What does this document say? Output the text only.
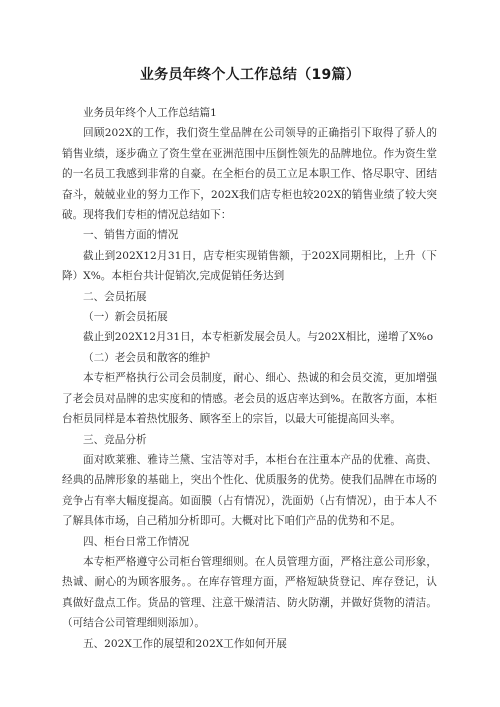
业务员年终个人工作总结（19篇）

业务员年终个人工作总结篇1

回顾202X的工作，我们资生堂品牌在公司领导的正确指引下取得了骄人的销售业绩，逐步确立了资生堂在亚洲范围中压倒性领先的品牌地位。作为资生堂的一名员工我感到非常的自豪。在全柜台的员工立足本职工作、恪尽职守、团结奋斗，兢兢业业的努力工作下，202X我们店专柜也较202X的销售业绩了较大突破。现将我们专柜的情况总结如下：

一、销售方面的情况

截止到202X12月31日，店专柜实现销售额，于202X同期相比，上升（下降）X%。本柜台共计促销次,完成促销任务达到

二、会员拓展

（一）新会员拓展

截止到202X12月31日，本专柜新发展会员人。与202X相比，递增了X%o

（二）老会员和散客的维护

本专柜严格执行公司会员制度，耐心、细心、热诚的和会员交流，更加增强了老会员对品牌的忠实度和的情感。老会员的返店率达到%。在散客方面，本柜台柜员同样是本着热忱服务、顾客至上的宗旨，以最大可能提高回头率。

三、竞品分析

面对欧莱雅、雅诗兰黛、宝洁等对手，本柜台在注重本产品的优雅、高贵、经典的品牌形象的基础上，突出个性化、优质服务的优势。使我们品牌在市场的竞争占有率大幅度提高。如面膜（占有情况），洗面奶（占有情况），由于本人不了解具体市场，自己稍加分析即可。大概对比下咱们产品的优势和不足。

四、柜台日常工作情况

本专柜严格遵守公司柜台管理细则。在人员管理方面，严格注意公司形象，热诚、耐心的为顾客服务。。在库存管理方面，严格短缺货登记、库存登记，认真做好盘点工作。货品的管理、注意干燥清洁、防火防潮，并做好货物的清洁。（可结合公司管理细则添加）。

五、202X工作的展望和202X工作如何开展
